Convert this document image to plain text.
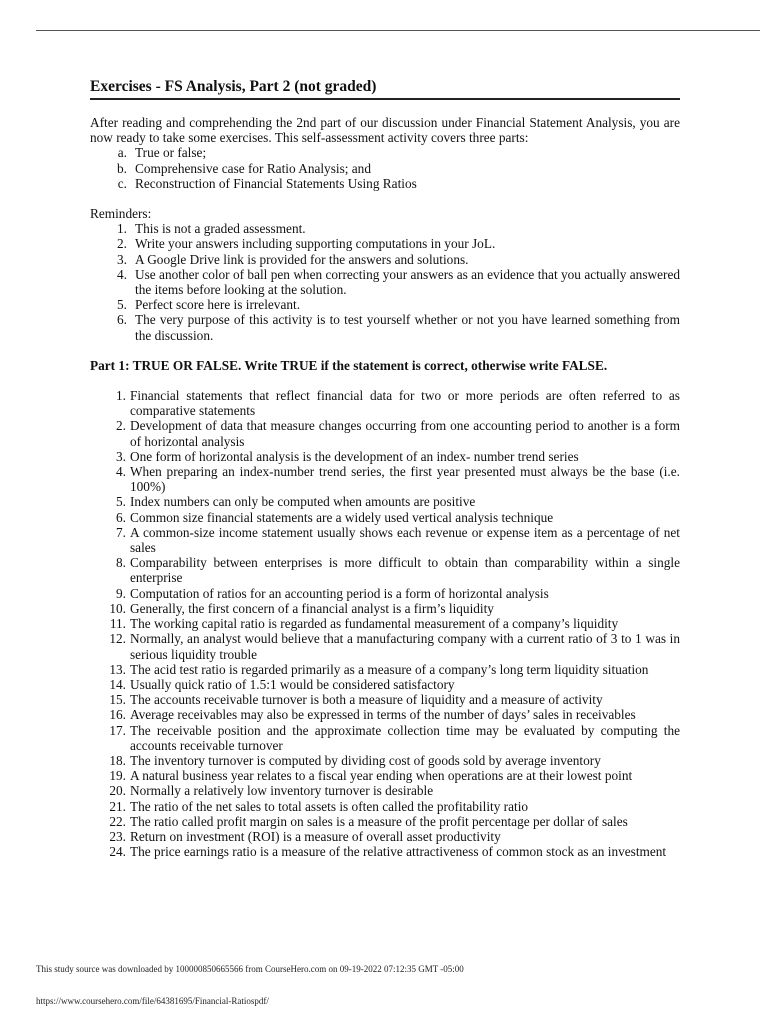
Exercises - FS Analysis, Part 2 (not graded)
After reading and comprehending the 2nd part of our discussion under Financial Statement Analysis, you are now ready to take some exercises. This self-assessment activity covers three parts:
a. True or false;
b. Comprehensive case for Ratio Analysis; and
c. Reconstruction of Financial Statements Using Ratios
Reminders:
1. This is not a graded assessment.
2. Write your answers including supporting computations in your JoL.
3. A Google Drive link is provided for the answers and solutions.
4. Use another color of ball pen when correcting your answers as an evidence that you actually answered the items before looking at the solution.
5. Perfect score here is irrelevant.
6. The very purpose of this activity is to test yourself whether or not you have learned something from the discussion.
Part 1: TRUE OR FALSE. Write TRUE if the statement is correct, otherwise write FALSE.
1. Financial statements that reflect financial data for two or more periods are often referred to as comparative statements
2. Development of data that measure changes occurring from one accounting period to another is a form of horizontal analysis
3. One form of horizontal analysis is the development of an index- number trend series
4. When preparing an index-number trend series, the first year presented must always be the base (i.e. 100%)
5. Index numbers can only be computed when amounts are positive
6. Common size financial statements are a widely used vertical analysis technique
7. A common-size income statement usually shows each revenue or expense item as a percentage of net sales
8. Comparability between enterprises is more difficult to obtain than comparability within a single enterprise
9. Computation of ratios for an accounting period is a form of horizontal analysis
10. Generally, the first concern of a financial analyst is a firm’s liquidity
11. The working capital ratio is regarded as fundamental measurement of a company’s liquidity
12. Normally, an analyst would believe that a manufacturing company with a current ratio of 3 to 1 was in serious liquidity trouble
13. The acid test ratio is regarded primarily as a measure of a company’s long term liquidity situation
14. Usually quick ratio of 1.5:1 would be considered satisfactory
15. The accounts receivable turnover is both a measure of liquidity and a measure of activity
16. Average receivables may also be expressed in terms of the number of days’ sales in receivables
17. The receivable position and the approximate collection time may be evaluated by computing the accounts receivable turnover
18. The inventory turnover is computed by dividing cost of goods sold by average inventory
19. A natural business year relates to a fiscal year ending when operations are at their lowest point
20. Normally a relatively low inventory turnover is desirable
21. The ratio of the net sales to total assets is often called the profitability ratio
22. The ratio called profit margin on sales is a measure of the profit percentage per dollar of sales
23. Return on investment (ROI) is a measure of overall asset productivity
24. The price earnings ratio is a measure of the relative attractiveness of common stock as an investment
This study source was downloaded by 100000850665566 from CourseHero.com on 09-19-2022 07:12:35 GMT -05:00
https://www.coursehero.com/file/64381695/Financial-Ratiospdf/
